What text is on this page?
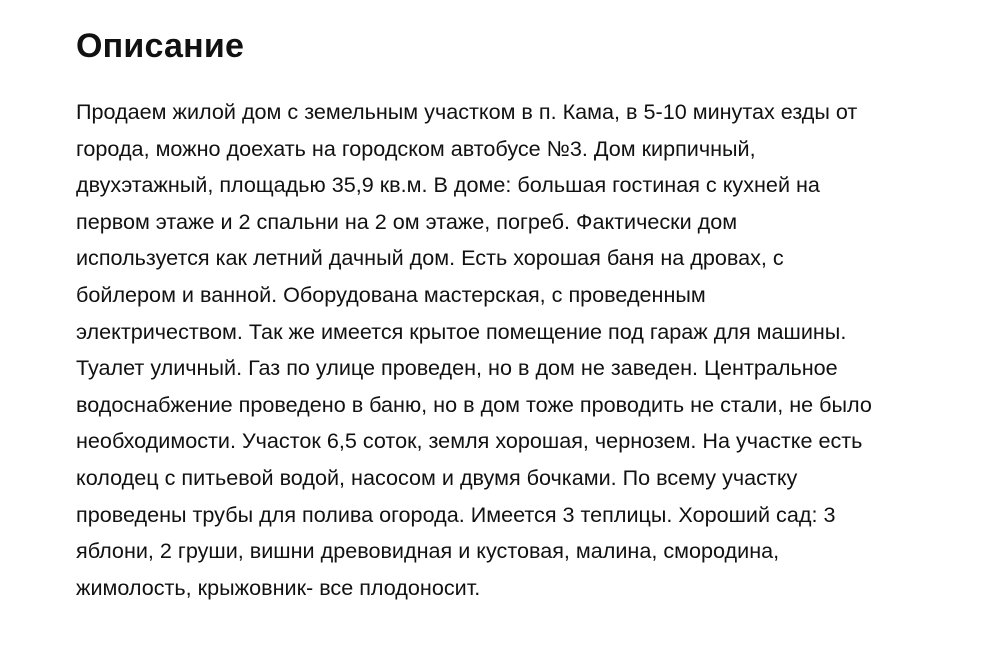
Описание
Продаем жилой дом с земельным участком в п. Кама, в 5-10 минутах езды от
города, можно доехать на городском автобусе №3. Дом кирпичный,
двухэтажный, площадью 35,9 кв.м. В доме: большая гостиная с кухней на
первом этаже и 2 спальни на 2 ом этаже, погреб. Фактически дом
используется как летний дачный дом. Есть хорошая баня на дровах, с
бойлером и ванной. Оборудована мастерская, с проведенным
электричеством. Так же имеется крытое помещение под гараж для машины.
Туалет уличный. Газ по улице проведен, но в дом не заведен. Центральное
водоснабжение проведено в баню, но в дом тоже проводить не стали, не было
необходимости. Участок 6,5 соток, земля хорошая, чернозем. На участке есть
колодец с питьевой водой, насосом и двумя бочками. По всему участку
проведены трубы для полива огорода. Имеется 3 теплицы. Хороший сад: 3
яблони, 2 груши, вишни древовидная и кустовая, малина, смородина,
жимолость, крыжовник- все плодоносит.
